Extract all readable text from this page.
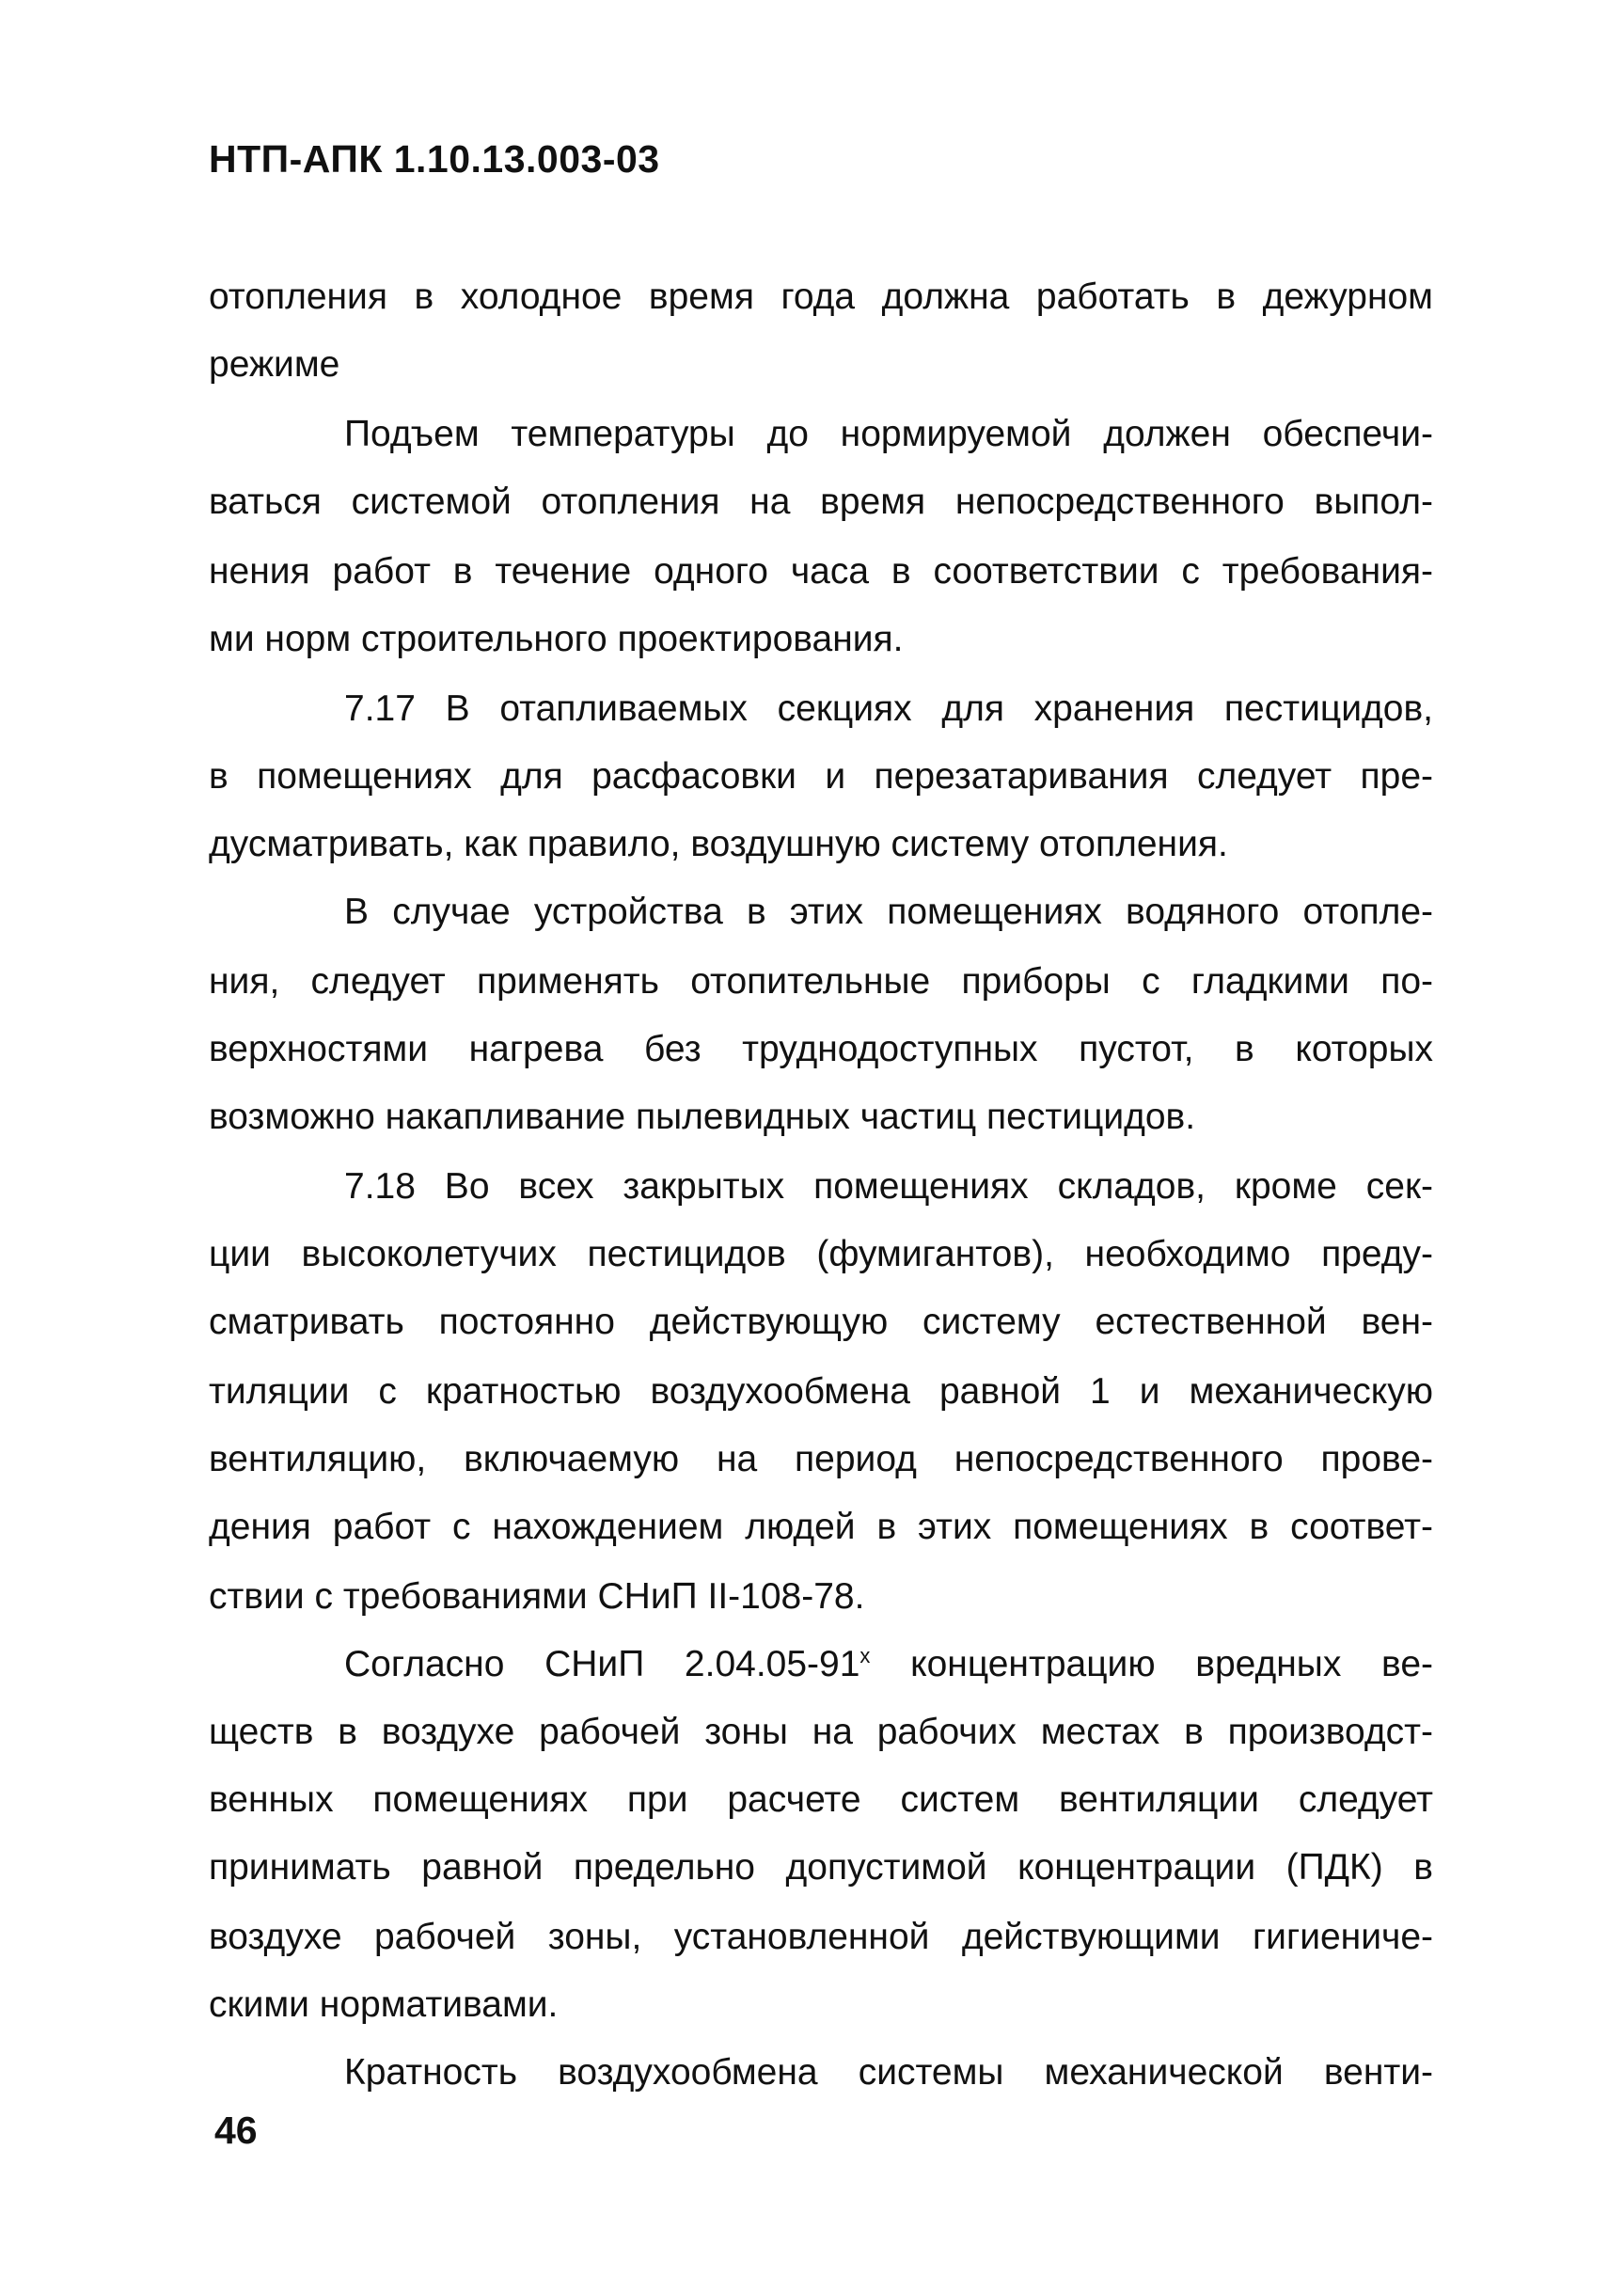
НТП-АПК 1.10.13.003-03
отопления в холодное время года должна работать в дежурном
режиме
Подъем температуры до нормируемой должен обеспечи-
ваться системой отопления на время непосредственного выпол-
нения работ в течение одного часа в соответствии с требования-
ми норм строительного проектирования.
7.17 В отапливаемых секциях для хранения пестицидов,
в помещениях для расфасовки и перезатаривания следует пре-
дусматривать, как правило, воздушную систему отопления.
В случае устройства в этих помещениях водяного отопле-
ния, следует применять отопительные приборы с гладкими по-
верхностями нагрева без труднодоступных пустот, в которых
возможно накапливание пылевидных частиц пестицидов.
7.18 Во всех закрытых помещениях складов, кроме сек-
ции высоколетучих пестицидов (фумигантов), необходимо преду-
сматривать постоянно действующую систему естественной вен-
тиляции с кратностью воздухообмена равной 1 и механическую
вентиляцию, включаемую на период непосредственного прове-
дения работ с нахождением людей в этих помещениях в соответ-
ствии с требованиями СНиП II-108-78.
Согласно СНиП 2.04.05-91$^x$ концентрацию вредных ве-
ществ в воздухе рабочей зоны на рабочих местах в производст-
венных помещениях при расчете систем вентиляции следует
принимать равной предельно допустимой концентрации (ПДК) в
воздухе рабочей зоны, установленной действующими гигиениче-
скими нормативами.
Кратность воздухообмена системы механической венти-
46
